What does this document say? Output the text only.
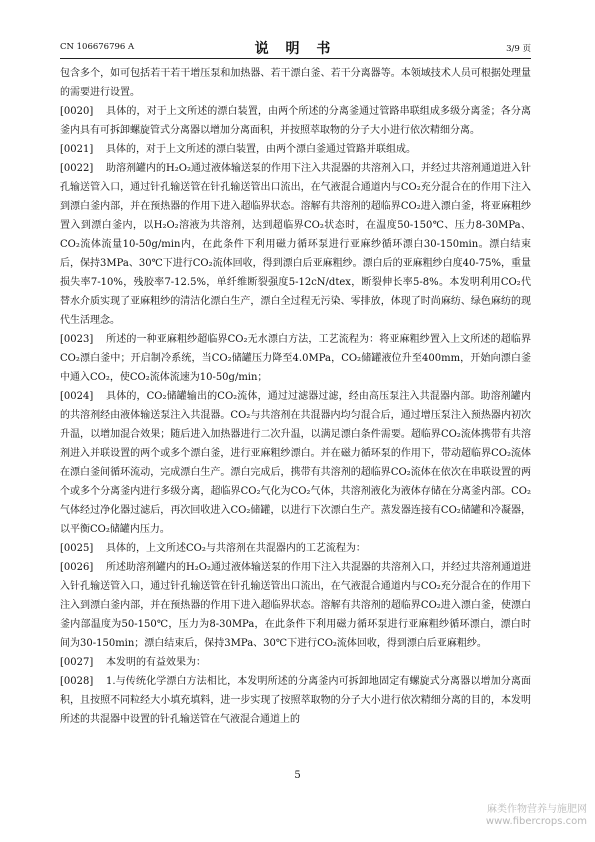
CN 106676796 A	说 明 书	3/9 页

包含多个，如可包括若干若干增压泵和加热器、若干漂白釜、若干分离器等。本领域技术人员可根据处理量的需要进行设置。

[0020] 具体的，对于上文所述的漂白装置，由两个所述的分离釜通过管路串联组成多级分离釜；各分离釜内具有可拆卸螺旋管式分离器以增加分离面积，并按照萃取物的分子大小进行依次精细分离。

[0021] 具体的，对于上文所述的漂白装置，由两个漂白釜通过管路并联组成。

[0022] 助溶剂罐内的H₂O₂通过液体输送泵的作用下注入共混器的共溶剂入口，并经过共溶剂通道进入针孔输送管入口，通过针孔输送管在针孔输送管出口流出，在气液混合通道内与CO₂充分混合在的作用下注入到漂白釜内部，并在预热器的作用下进入超临界状态。溶解有共溶剂的超临界CO₂进入漂白釜，将亚麻粗纱置入到漂白釜内，以H₂O₂溶液为共溶剂，达到超临界CO₂状态时，在温度50-150℃、压力8-30MPa、CO₂流体流量10-50g/min内，在此条件下利用磁力循环泵进行亚麻纱循环漂白30-150min。漂白结束后，保持3MPa、30℃下进行CO₂流体回收，得到漂白后亚麻粗纱。漂白后的亚麻粗纱白度40-75%，重量损失率7-10%，残胶率7-12.5%，单纤维断裂强度5-12cN/dtex，断裂伸长率5-8%。本发明利用CO₂代替水介质实现了亚麻粗纱的清洁化漂白生产，漂白全过程无污染、零排放，体现了时尚麻纺、绿色麻纺的现代生活理念。

[0023] 所述的一种亚麻粗纱超临界CO₂无水漂白方法，工艺流程为：将亚麻粗纱置入上文所述的超临界CO₂漂白釜中；开启制冷系统，当CO₂储罐压力降至4.0MPa，CO₂储罐液位升至400mm，开始向漂白釜中通入CO₂，使CO₂流体流速为10-50g/min；

[0024] 具体的，CO₂储罐输出的CO₂流体，通过过滤器过滤，经由高压泵注入共混器内部。助溶剂罐内的共溶剂经由液体输送泵注入共混器。CO₂与共溶剂在共混器内均匀混合后，通过增压泵注入预热器内初次升温，以增加混合效果；随后进入加热器进行二次升温，以满足漂白条件需要。超临界CO₂流体携带有共溶剂进入并联设置的两个或多个漂白釜，进行亚麻粗纱漂白。并在磁力循环泵的作用下，带动超临界CO₂流体在漂白釜间循环流动，完成漂白生产。漂白完成后，携带有共溶剂的超临界CO₂流体在依次在串联设置的两个或多个分离釜内进行多级分离，超临界CO₂气化为CO₂气体，共溶剂液化为液体存储在分离釜内部。CO₂气体经过净化器过滤后，再次回收进入CO₂储罐，以进行下次漂白生产。蒸发器连接有CO₂储罐和冷凝器，以平衡CO₂储罐内压力。

[0025] 具体的，上文所述CO₂与共溶剂在共混器内的工艺流程为：

[0026] 所述助溶剂罐内的H₂O₂通过液体输送泵的作用下注入共混器的共溶剂入口，并经过共溶剂通道进入针孔输送管入口，通过针孔输送管在针孔输送管出口流出，在气液混合通道内与CO₂充分混合在的作用下注入到漂白釜内部，并在预热器的作用下进入超临界状态。溶解有共溶剂的超临界CO₂进入漂白釜，使漂白釜内部温度为50-150℃，压力为8-30MPa，在此条件下利用磁力循环泵进行亚麻粗纱循环漂白，漂白时间为30-150min；漂白结束后，保持3MPa、30℃下进行CO₂流体回收，得到漂白后亚麻粗纱。

[0027] 本发明的有益效果为：

[0028] 1.与传统化学漂白方法相比，本发明所述的分离釜内可拆卸地固定有螺旋式分离器以增加分离面积，且按照不同粒经大小填充填料，进一步实现了按照萃取物的分子大小进行依次精细分离的目的，本发明所述的共混器中设置的针孔输送管在气液混合通道上的

5
麻类作物营养与施肥网
www.fibercrops.com
